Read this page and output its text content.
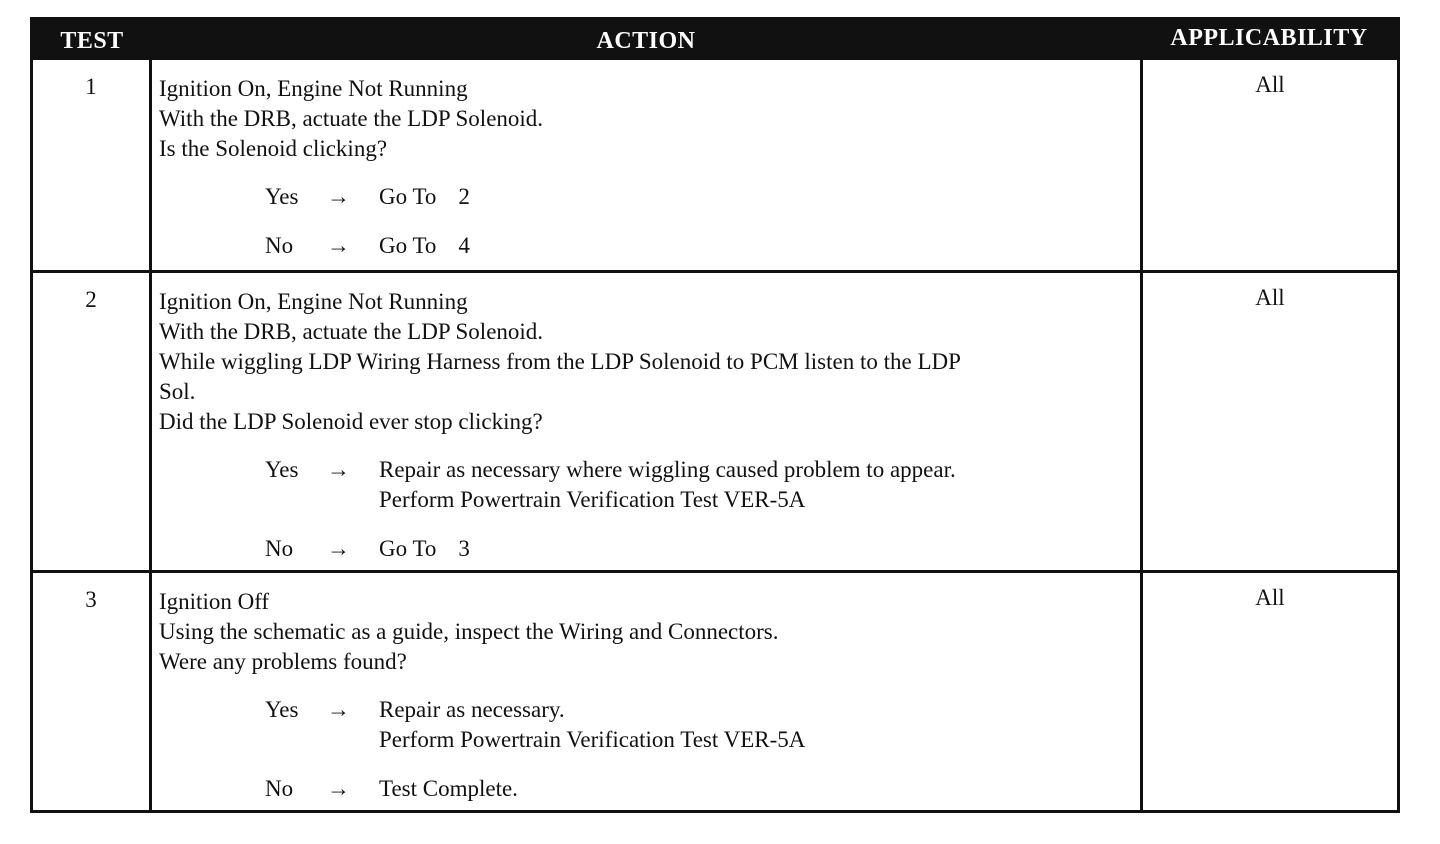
TEST	ACTION	APPLICABILITY
1	Ignition On, Engine Not Running
With the DRB, actuate the LDP Solenoid.
Is the Solenoid clicking?
Yes	→	Go To 2
No	→	Go To 4
All
2	Ignition On, Engine Not Running
With the DRB, actuate the LDP Solenoid.
While wiggling LDP Wiring Harness from the LDP Solenoid to PCM listen to the LDP
Sol.
Did the LDP Solenoid ever stop clicking?
Yes	→	Repair as necessary where wiggling caused problem to appear.
Perform Powertrain Verification Test VER-5A
No	→	Go To 3
All
3	Ignition Off
Using the schematic as a guide, inspect the Wiring and Connectors.
Were any problems found?
Yes	→	Repair as necessary.
Perform Powertrain Verification Test VER-5A
No	→	Test Complete.
All
